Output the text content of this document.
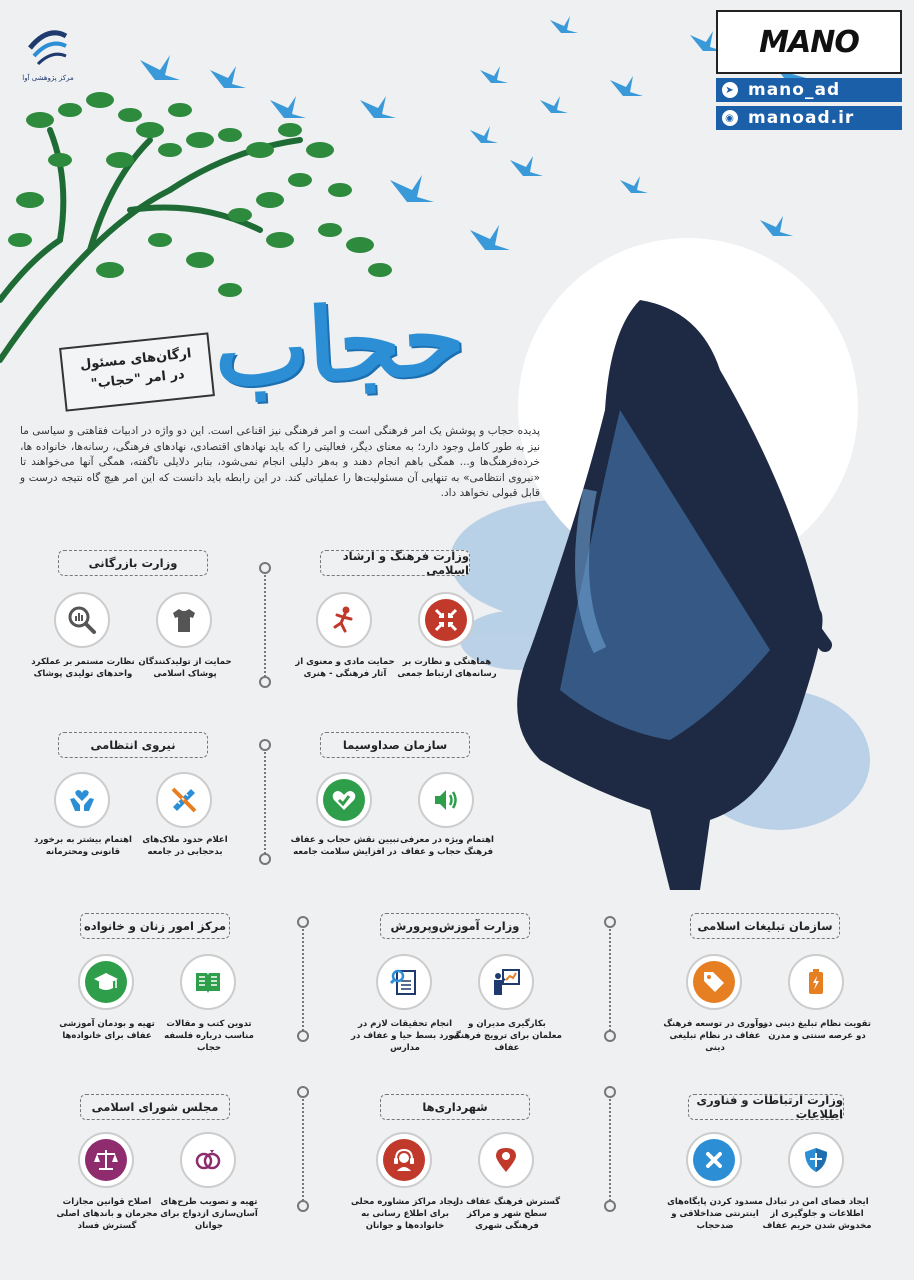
MANO
➤ mano_ad
◉ manoad.ir
مرکز پژوهشی آوا
حجاب
ارگان‌های مسئول
در امر "حجاب"
پدیده حجاب و پوشش یک امر فرهنگی است و امر فرهنگی نیز اقناعی است. این دو واژه در ادبیات فقاهتی و سیاسی ما نیز به طور کامل وجود دارد؛ به معنای دیگر، فعالیتی را که باید نهادهای اقتصادی، نهادهای فرهنگی، رسانه‌ها، خانواده ها، خرده‌فرهنگ‌ها و... همگی باهم انجام دهند و به‌هر دلیلی انجام نمی‌شود، بنابر دلایلی ناگفته، همگی آنها می‌خواهند تا «نیروی انتظامی» به تنهایی آن مسئولیت‌ها را عملیاتی کند. در این رابطه باید دانست که این امر هیچ گاه نتیجه درست و قابل قبولی نخواهد داد.
وزارت فرهنگ و ارشاد اسلامی
هماهنگی و نظارت بر رسانه‌های ارتباط جمعی
حمایت مادی و معنوی از آثار فرهنگی - هنری
وزارت بازرگانی
حمایت از تولیدکنندگان پوشاک اسلامی
نظارت مستمر بر عملکرد واحدهای تولیدی پوشاک
سازمان صداوسیما
اهتمام ویژه در معرفی فرهنگ حجاب و عفاف
تبیین نقش حجاب و عفاف در افزایش سلامت جامعه
نیروی انتظامی
اعلام حدود ملاک‌های بدحجابی در جامعه
اهتمام بیشتر به برخورد قانونی ومحترمانه
سازمان تبلیغات اسلامی
تقویت نظام تبلیغ دینی در دو عرصه سنتی و مدرن
نوآوری در توسعه فرهنگ عفاف در نظام تبلیغی دینی
وزارت آموزش‌وپرورش
بکارگیری مدیران و معلمان برای ترویج فرهنگ عفاف
انجام تحقیقات لازم در مورد بسط حیا و عفاف در مدارس
مرکز امور زنان و خانواده
تدوین کتب و مقالات مناسب درباره فلسفه حجاب
تهیه و بودمان آموزشی عفاف برای خانواده‌ها
وزارت ارتباطات و فناوری اطلاعات
ایجاد فضای امن در تبادل اطلاعات و جلوگیری از مخدوش شدن حریم عفاف
مسدود کردن پایگاه‌های اینترنتی ضداخلاقی و ضدحجاب
شهرداری‌ها
گسترش فرهنگ عفاف در سطح شهر و مراکز فرهنگی شهری
ایجاد مراکز مشاوره محلی برای اطلاع رسانی به خانواده‌ها و جوانان
مجلس شورای اسلامی
تهیه و تصویب طرح‌های آسان‌سازی ازدواج برای جوانان
اصلاح قوانین مجازات مجرمان و باندهای اصلی گسترش فساد
